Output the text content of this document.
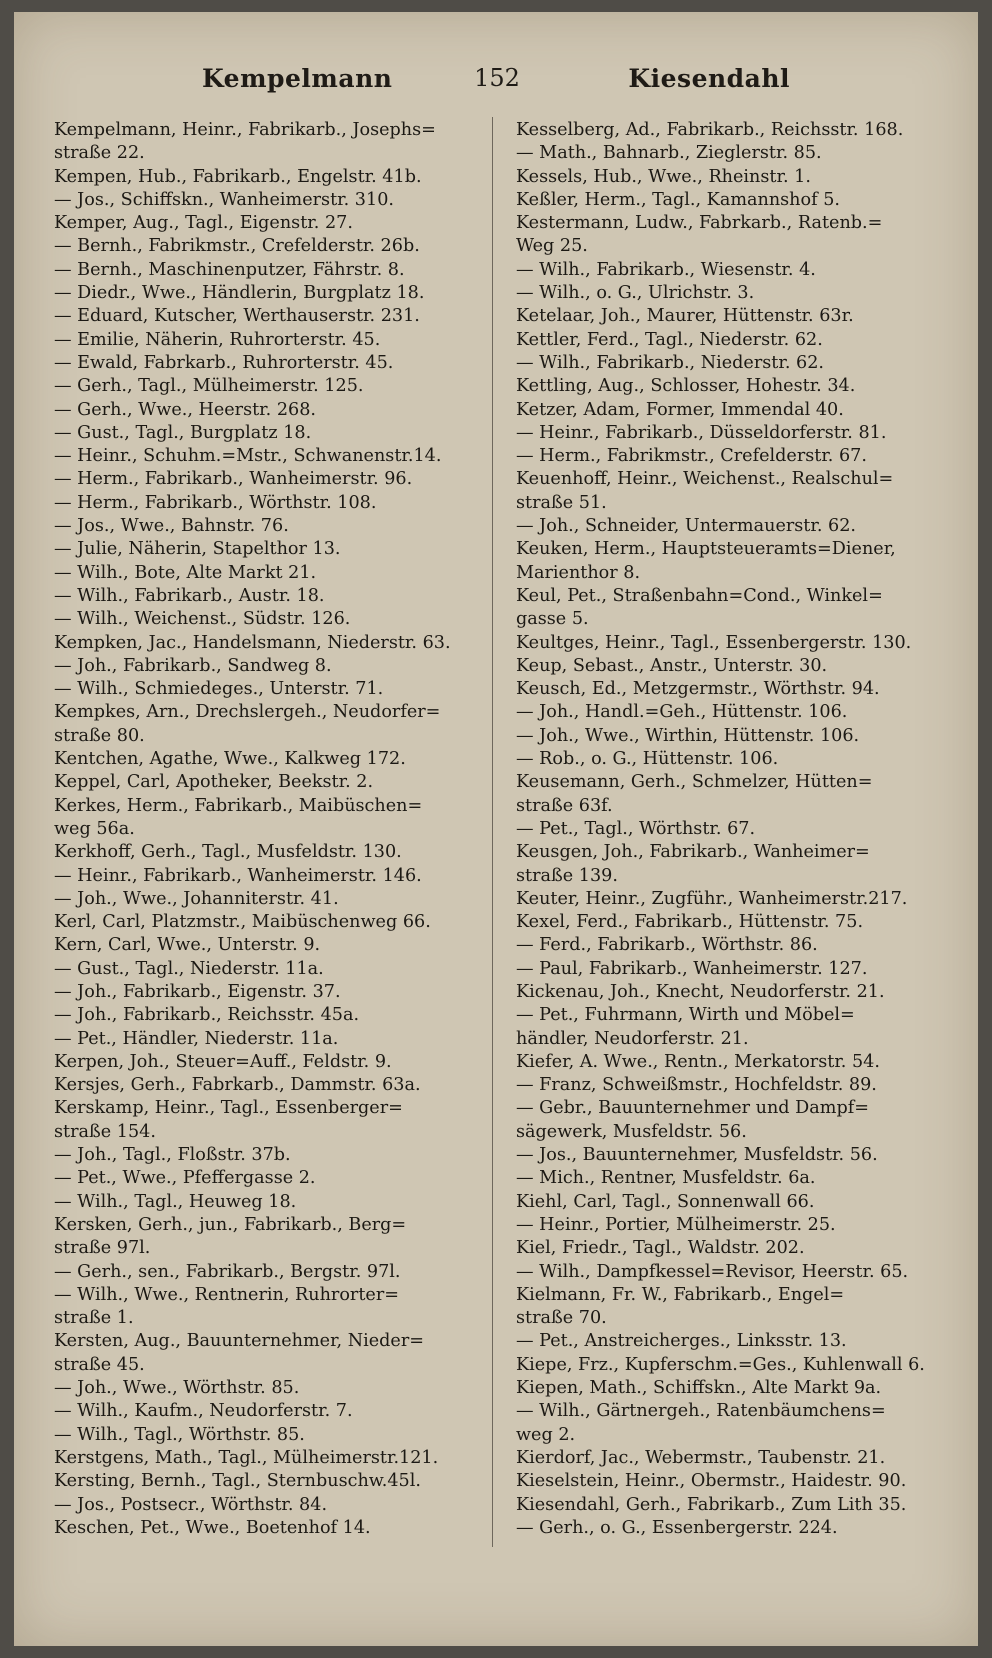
Kempelmann	152	Kiesendahl
Kempelmann, Heinr., Fabrikarb., Josephs=
straße 22.
Kempen, Hub., Fabrikarb., Engelstr. 41b.
— Jos., Schiffskn., Wanheimerstr. 310.
Kemper, Aug., Tagl., Eigenstr. 27.
— Bernh., Fabrikmstr., Crefelderstr. 26b.
— Bernh., Maschinenputzer, Fährstr. 8.
— Diedr., Wwe., Händlerin, Burgplatz 18.
— Eduard, Kutscher, Werthauserstr. 231.
— Emilie, Näherin, Ruhrorterstr. 45.
— Ewald, Fabrkarb., Ruhrorterstr. 45.
— Gerh., Tagl., Mülheimerstr. 125.
— Gerh., Wwe., Heerstr. 268.
— Gust., Tagl., Burgplatz 18.
— Heinr., Schuhm.=Mstr., Schwanenstr.14.
— Herm., Fabrikarb., Wanheimerstr. 96.
— Herm., Fabrikarb., Wörthstr. 108.
— Jos., Wwe., Bahnstr. 76.
— Julie, Näherin, Stapelthor 13.
— Wilh., Bote, Alte Markt 21.
— Wilh., Fabrikarb., Austr. 18.
— Wilh., Weichenst., Südstr. 126.
Kempken, Jac., Handelsmann, Niederstr. 63.
— Joh., Fabrikarb., Sandweg 8.
— Wilh., Schmiedeges., Unterstr. 71.
Kempkes, Arn., Drechslergeh., Neudorfer=
straße 80.
Kentchen, Agathe, Wwe., Kalkweg 172.
Keppel, Carl, Apotheker, Beekstr. 2.
Kerkes, Herm., Fabrikarb., Maibüschen=
weg 56a.
Kerkhoff, Gerh., Tagl., Musfeldstr. 130.
— Heinr., Fabrikarb., Wanheimerstr. 146.
— Joh., Wwe., Johanniterstr. 41.
Kerl, Carl, Platzmstr., Maibüschenweg 66.
Kern, Carl, Wwe., Unterstr. 9.
— Gust., Tagl., Niederstr. 11a.
— Joh., Fabrikarb., Eigenstr. 37.
— Joh., Fabrikarb., Reichsstr. 45a.
— Pet., Händler, Niederstr. 11a.
Kerpen, Joh., Steuer=Auff., Feldstr. 9.
Kersjes, Gerh., Fabrkarb., Dammstr. 63a.
Kerskamp, Heinr., Tagl., Essenberger=
straße 154.
— Joh., Tagl., Floßstr. 37b.
— Pet., Wwe., Pfeffergasse 2.
— Wilh., Tagl., Heuweg 18.
Kersken, Gerh., jun., Fabrikarb., Berg=
straße 97l.
— Gerh., sen., Fabrikarb., Bergstr. 97l.
— Wilh., Wwe., Rentnerin, Ruhrorter=
straße 1.
Kersten, Aug., Bauunternehmer, Nieder=
straße 45.
— Joh., Wwe., Wörthstr. 85.
— Wilh., Kaufm., Neudorferstr. 7.
— Wilh., Tagl., Wörthstr. 85.
Kerstgens, Math., Tagl., Mülheimerstr.121.
Kersting, Bernh., Tagl., Sternbuschw.45l.
— Jos., Postsecr., Wörthstr. 84.
Keschen, Pet., Wwe., Boetenhof 14.
Kesselberg, Ad., Fabrikarb., Reichsstr. 168.
— Math., Bahnarb., Zieglerstr. 85.
Kessels, Hub., Wwe., Rheinstr. 1.
Keßler, Herm., Tagl., Kamannshof 5.
Kestermann, Ludw., Fabrkarb., Ratenb.=
Weg 25.
— Wilh., Fabrikarb., Wiesenstr. 4.
— Wilh., o. G., Ulrichstr. 3.
Ketelaar, Joh., Maurer, Hüttenstr. 63r.
Kettler, Ferd., Tagl., Niederstr. 62.
— Wilh., Fabrikarb., Niederstr. 62.
Kettling, Aug., Schlosser, Hohestr. 34.
Ketzer, Adam, Former, Immendal 40.
— Heinr., Fabrikarb., Düsseldorferstr. 81.
— Herm., Fabrikmstr., Crefelderstr. 67.
Keuenhoff, Heinr., Weichenst., Realschul=
straße 51.
— Joh., Schneider, Untermauerstr. 62.
Keuken, Herm., Hauptsteueramts=Diener,
Marienthor 8.
Keul, Pet., Straßenbahn=Cond., Winkel=
gasse 5.
Keultges, Heinr., Tagl., Essenbergerstr. 130.
Keup, Sebast., Anstr., Unterstr. 30.
Keusch, Ed., Metzgermstr., Wörthstr. 94.
— Joh., Handl.=Geh., Hüttenstr. 106.
— Joh., Wwe., Wirthin, Hüttenstr. 106.
— Rob., o. G., Hüttenstr. 106.
Keusemann, Gerh., Schmelzer, Hütten=
straße 63f.
— Pet., Tagl., Wörthstr. 67.
Keusgen, Joh., Fabrikarb., Wanheimer=
straße 139.
Keuter, Heinr., Zugführ., Wanheimerstr.217.
Kexel, Ferd., Fabrikarb., Hüttenstr. 75.
— Ferd., Fabrikarb., Wörthstr. 86.
— Paul, Fabrikarb., Wanheimerstr. 127.
Kickenau, Joh., Knecht, Neudorferstr. 21.
— Pet., Fuhrmann, Wirth und Möbel=
händler, Neudorferstr. 21.
Kiefer, A. Wwe., Rentn., Merkatorstr. 54.
— Franz, Schweißmstr., Hochfeldstr. 89.
— Gebr., Bauunternehmer und Dampf=
sägewerk, Musfeldstr. 56.
— Jos., Bauunternehmer, Musfeldstr. 56.
— Mich., Rentner, Musfeldstr. 6a.
Kiehl, Carl, Tagl., Sonnenwall 66.
— Heinr., Portier, Mülheimerstr. 25.
Kiel, Friedr., Tagl., Waldstr. 202.
— Wilh., Dampfkessel=Revisor, Heerstr. 65.
Kielmann, Fr. W., Fabrikarb., Engel=
straße 70.
— Pet., Anstreicherges., Linksstr. 13.
Kiepe, Frz., Kupferschm.=Ges., Kuhlenwall 6.
Kiepen, Math., Schiffskn., Alte Markt 9a.
— Wilh., Gärtnergeh., Ratenbäumchens=
weg 2.
Kierdorf, Jac., Webermstr., Taubenstr. 21.
Kieselstein, Heinr., Obermstr., Haidestr. 90.
Kiesendahl, Gerh., Fabrikarb., Zum Lith 35.
— Gerh., o. G., Essenbergerstr. 224.
